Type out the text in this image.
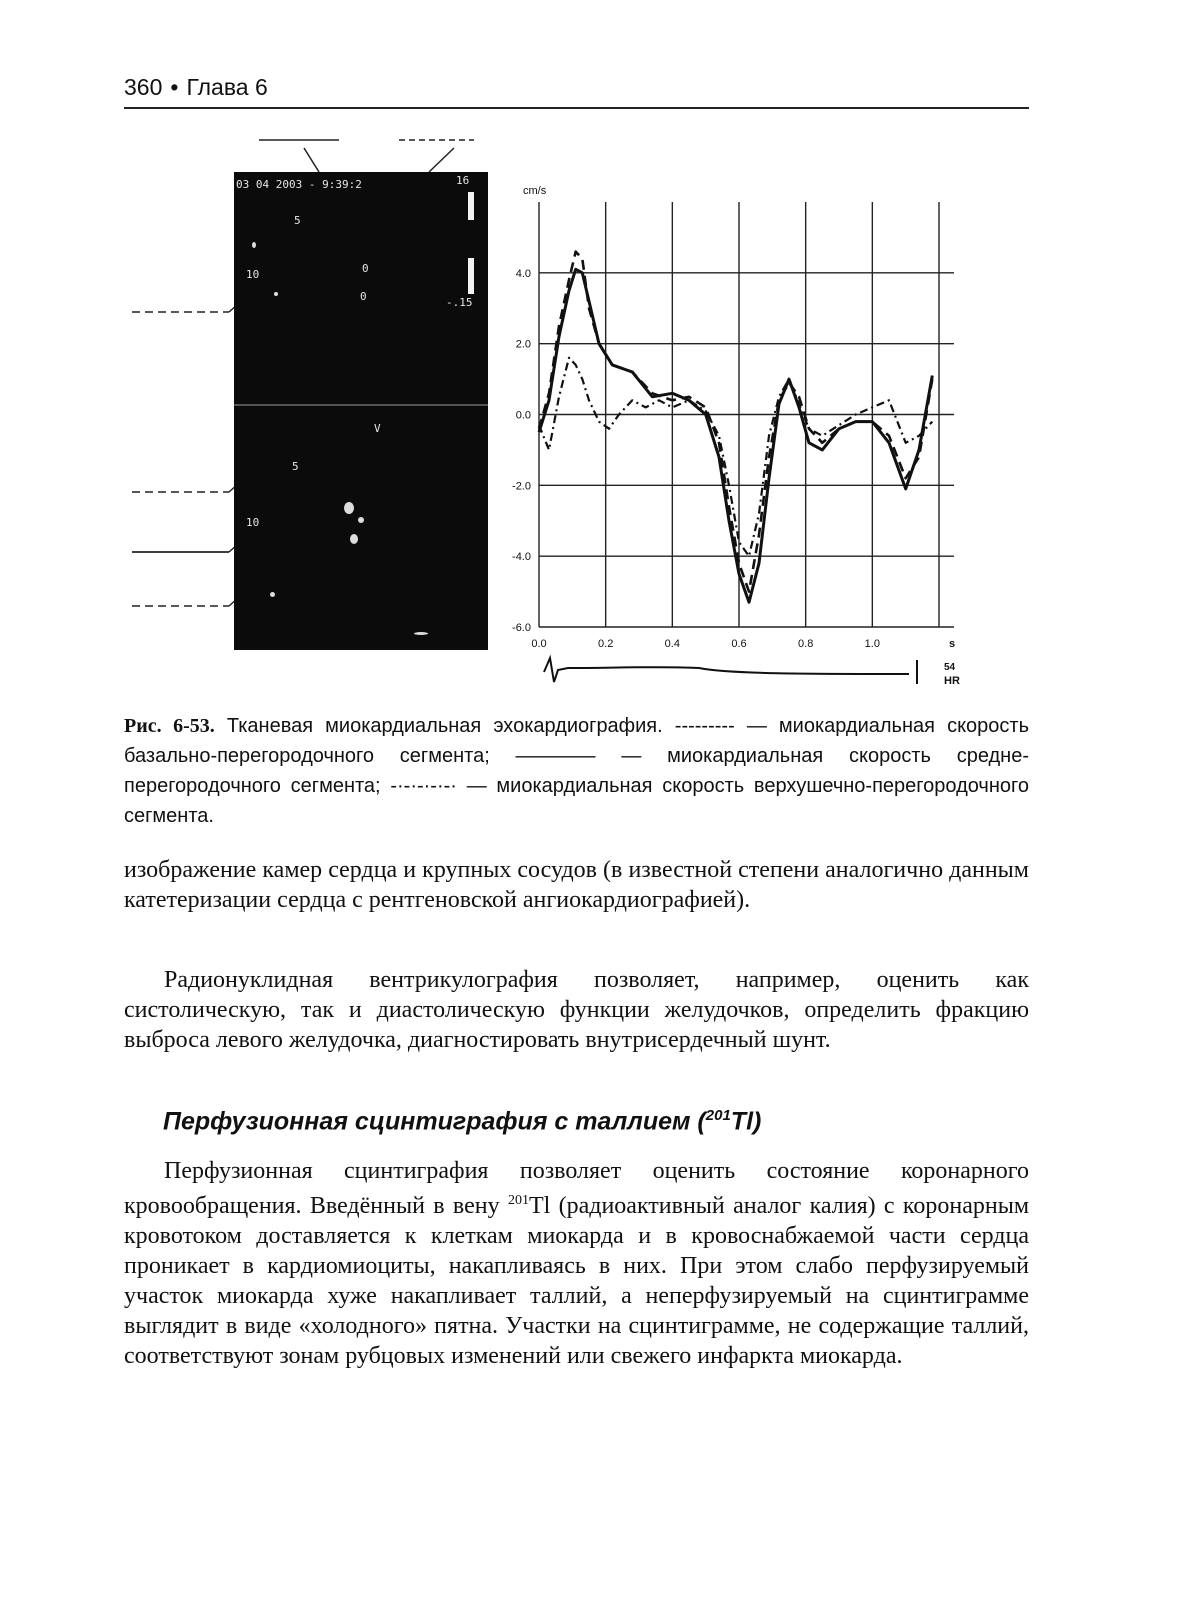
360 • Глава 6
03 04 2003 - 9:39:2	16
-.15
5
10	0
0
V
5
10
4.0
2.0
0.0
-2.0
-4.0
-6.0
0.0	0.2	0.4	0.6	0.8	1.0
cm/s
s
54
HR
Рис. 6-53. Тканевая миокардиальная эхокардиография. --------- — миокардиальная скорость базально-перегородочного сегмента; ———— — миокардиальная скорость средне-перегородочного сегмента; -·-·-·-·-· — миокардиальная скорость верхушечно-перегородочного сегмента.
изображение камер сердца и крупных сосудов (в известной степени аналогично данным катетеризации сердца с рентгеновской ангиокардиографией).
Радионуклидная вентрикулография позволяет, например, оценить как систолическую, так и диастолическую функции желудочков, определить фракцию выброса левого желудочка, диагностировать внутрисердечный шунт.
Перфузионная сцинтиграфия с таллием ($^{201}$Tl)
Перфузионная сцинтиграфия позволяет оценить состояние коронарного кровообращения. Введённый в вену $^{201}$Tl (радиоактивный аналог калия) с коронарным кровотоком доставляется к клеткам миокарда и в кровоснабжаемой части сердца проникает в кардиомиоциты, накапливаясь в них. При этом слабо перфузируемый участок миокарда хуже накапливает таллий, а неперфузируемый на сцинтиграмме выглядит в виде «холодного» пятна. Участки на сцинтиграмме, не содержащие таллий, соответствуют зонам рубцовых изменений или свежего инфаркта миокарда.
